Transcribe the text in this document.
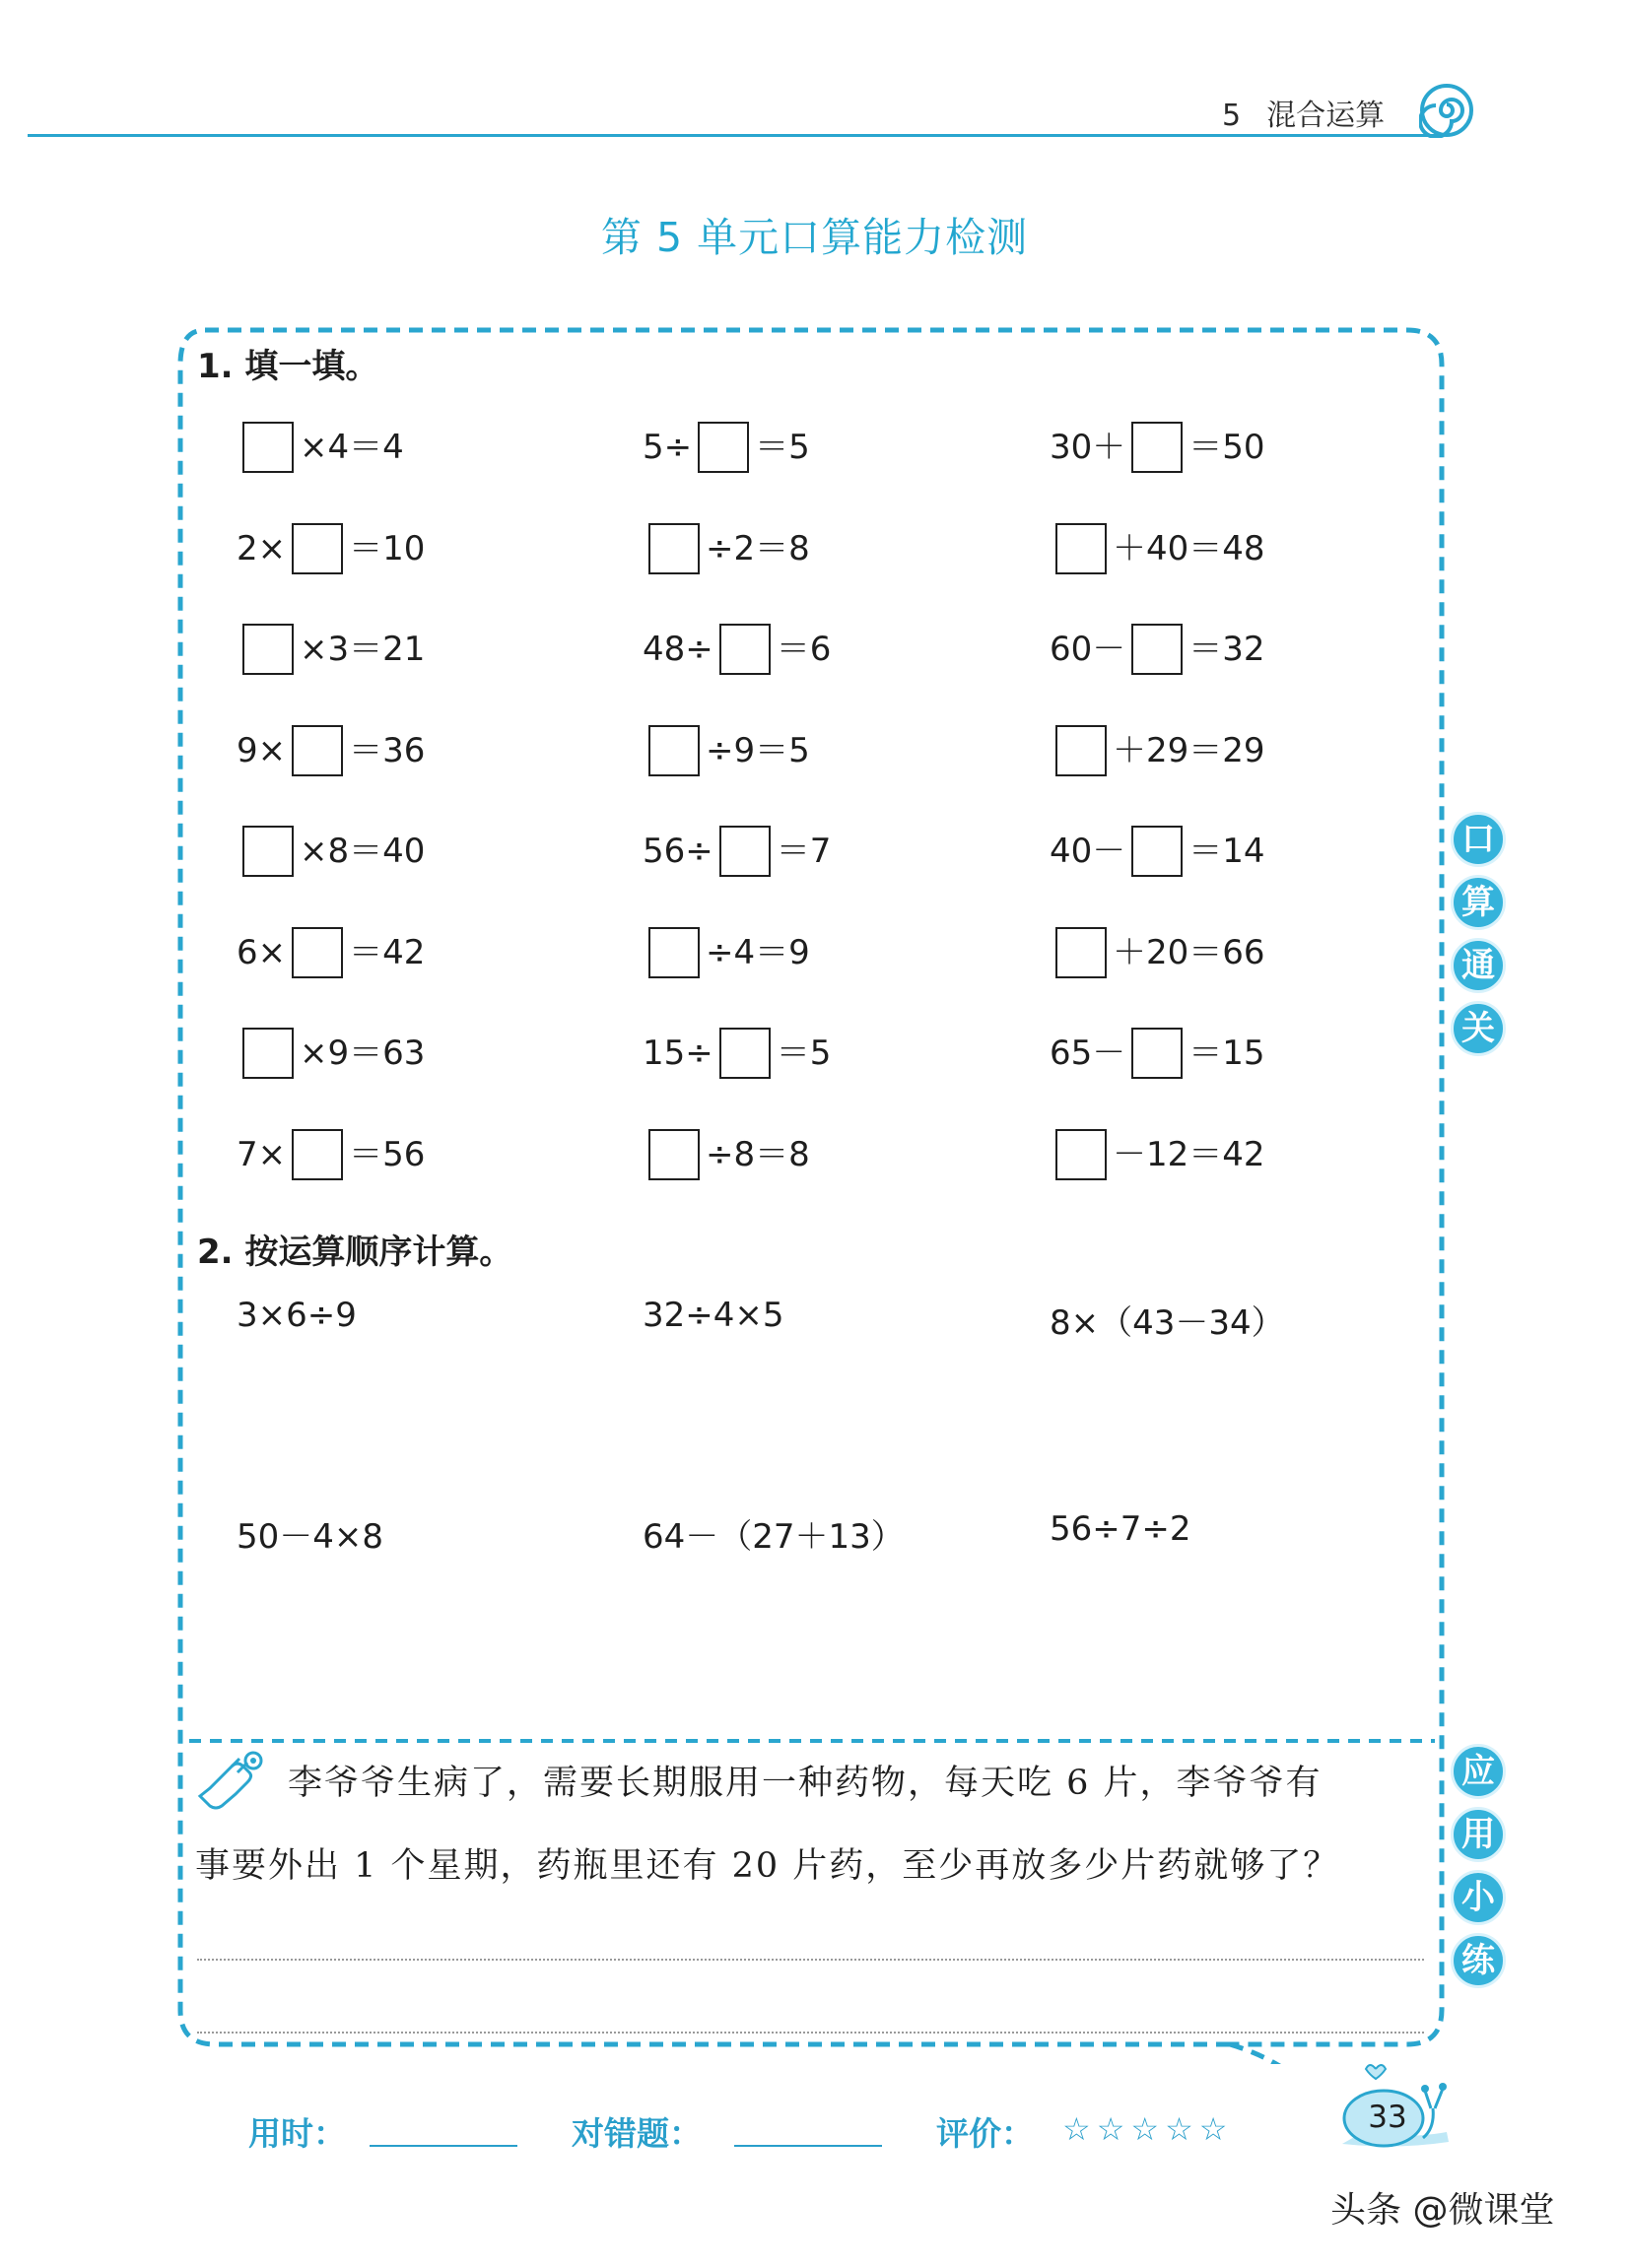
5 混合运算
第 5 单元口算能力检测
1. 填一填。
×4＝4	5÷ ＝5	30＋ ＝50
2× ＝10	÷2＝8	＋40＝48
×3＝21	48÷ ＝6	60－ ＝32
9× ＝36	÷9＝5	＋29＝29
×8＝40	56÷ ＝7	40－ ＝14
6× ＝42	÷4＝9	＋20＝66
×9＝63	15÷ ＝5	65－ ＝15
7× ＝56	÷8＝8	－12＝42
2. 按运算顺序计算。
3×6÷9	32÷4×5	8×（43－34）
50－4×8	64－（27＋13）	56÷7÷2
李爷爷生病了，需要长期服用一种药物，每天吃 6 片，李爷爷有
事要外出 1 个星期，药瓶里还有 20 片药，至少再放多少片药就够了？
口
算
通
关
应
用
小
练
用时：	对错题：	评价： ☆☆☆☆☆	33
头条 @微课堂
